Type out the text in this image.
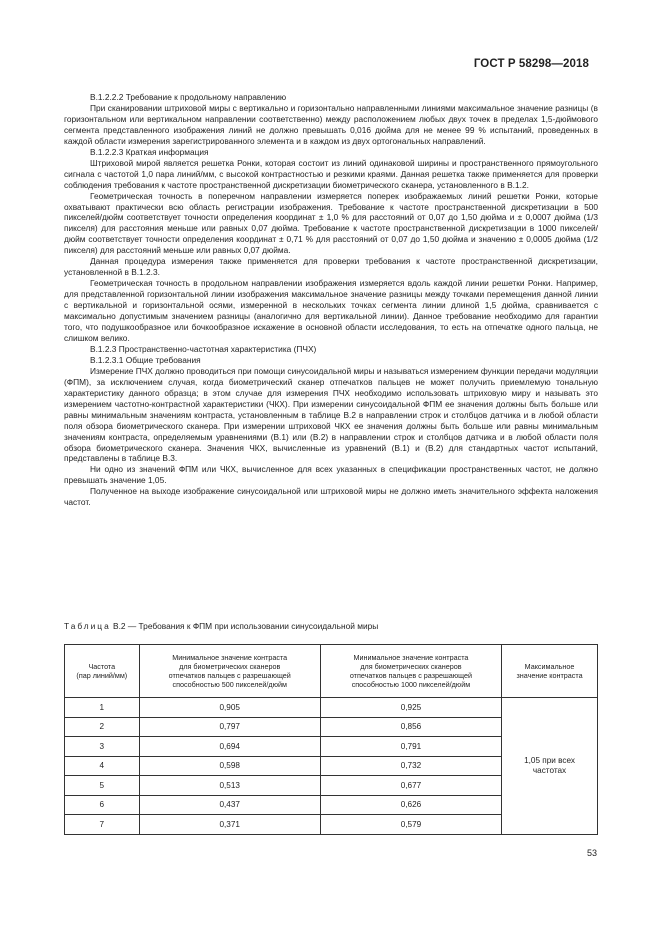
ГОСТ Р 58298—2018

В.1.2.2.2 Требование к продольному направлению

При сканировании штриховой миры с вертикально и горизонтально направленными линиями максимальное значение разницы (в горизонтальном или вертикальном направлении соответственно) между расположением любых двух точек в пределах 1,5-дюймового сегмента представленного изображения линий не должно превышать 0,016 дюйма для не менее 99 % испытаний, проведенных в каждой области измерения зарегистрированного элемента и в каждом из двух ортогональных направлений.

В.1.2.2.3 Краткая информация

Штриховой мирой является решетка Ронки, которая состоит из линий одинаковой ширины и пространственного прямоугольного сигнала с частотой 1,0 пара линий/мм, с высокой контрастностью и резкими краями. Данная решетка также применяется для проверки соблюдения требования к частоте пространственной дискретизации биометрического сканера, установленного в В.1.2.

Геометрическая точность в поперечном направлении измеряется поперек изображаемых линий решетки Ронки, которые охватывают практически всю область регистрации изображения. Требование к частоте пространственной дискретизации в 500 пикселей/дюйм соответствует точности определения координат ± 1,0 % для расстояний от 0,07 до 1,50 дюйма и ± 0,0007 дюйма (1/3 пикселя) для расстояния меньше или равных 0,07 дюйма. Требование к частоте пространственной дискретизации в 1000 пикселей/дюйм соответствует точности определения координат ± 0,71 % для расстояний от 0,07 до 1,50 дюйма и значению ± 0,0005 дюйма (1/2 пикселя) для расстояний меньше или равных 0,07 дюйма.

Данная процедура измерения также применяется для проверки требования к частоте пространственной дискретизации, установленной в В.1.2.3.

Геометрическая точность в продольном направлении изображения измеряется вдоль каждой линии решетки Ронки. Например, для представленной горизонтальной линии изображения максимальное значение разницы между точками перемещения данной линии с вертикальной и горизонтальной осями, измеренной в нескольких точках сегмента линии длиной 1,5 дюйма, сравнивается с максимально допустимым значением разницы (аналогично для вертикальной линии). Данное требование необходимо для гарантии того, что подушкообразное или бочкообразное искажение в основной области исследования, то есть на отпечатке одного пальца, не слишком велико.

В.1.2.3 Пространственно-частотная характеристика (ПЧХ)

В.1.2.3.1 Общие требования

Измерение ПЧХ должно проводиться при помощи синусоидальной миры и называться измерением функции передачи модуляции (ФПМ), за исключением случая, когда биометрический сканер отпечатков пальцев не может получить приемлемую тональную характеристику данного образца; в этом случае для измерения ПЧХ необходимо использовать штриховую миру и называть это измерением частотно-контрастной характеристики (ЧКХ). При измерении синусоидальной ФПМ ее значения должны быть больше или равны минимальным значениям контраста, установленным в таблице В.2 в направлении строк и столбцов датчика и в любой области поля обзора биометрического сканера. При измерении штриховой ЧКХ ее значения должны быть больше или равны минимальным значениям контраста, определяемым уравнениями (В.1) или (В.2) в направлении строк и столбцов датчика и в любой области поля обзора биометрического сканера. Значения ЧКХ, вычисленные из уравнений (В.1) и (В.2) для стандартных частот испытаний, представлены в таблице В.3.

Ни одно из значений ФПМ или ЧКХ, вычисленное для всех указанных в спецификации пространственных частот, не должно превышать значение 1,05.

Полученное на выходе изображение синусоидальной или штриховой миры не должно иметь значительного эффекта наложения частот.

Таблица В.2 — Требования к ФПМ при использовании синусоидальной миры
Частота
(пар линий/мм)	Минимальное значение контраста
для биометрических сканеров
отпечатков пальцев с разрешающей
способностью 500 пикселей/дюйм	Минимальное значение контраста
для биометрических сканеров
отпечатков пальцев с разрешающей
способностью 1000 пикселей/дюйм	Максимальное
значение контраста
1	0,905	0,925	1,05 при всех
частотах
2	0,797	0,856	
3	0,694	0,791	
4	0,598	0,732	
5	0,513	0,677	
6	0,437	0,626	
7	0,371	0,579	
53
